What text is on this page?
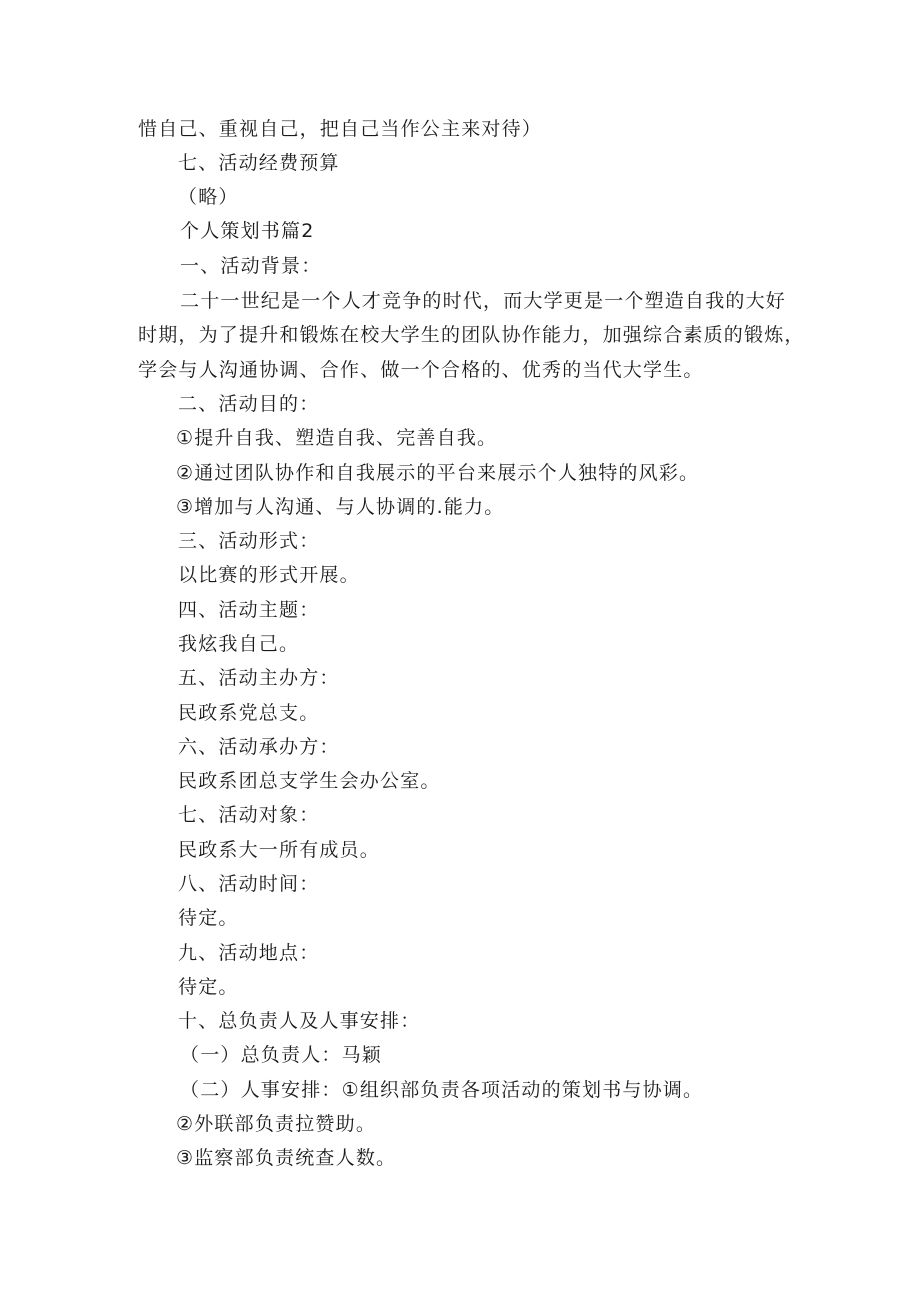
惜自己、重视自己，把自己当作公主来对待）
七、活动经费预算
（略）
个人策划书篇2
一、活动背景：
二十一世纪是一个人才竞争的时代，而大学更是一个塑造自我的大好
时期，为了提升和锻炼在校大学生的团队协作能力，加强综合素质的锻炼，
学会与人沟通协调、合作、做一个合格的、优秀的当代大学生。
二、活动目的：
①提升自我、塑造自我、完善自我。
②通过团队协作和自我展示的平台来展示个人独特的风彩。
③增加与人沟通、与人协调的.能力。
三、活动形式：
以比赛的形式开展。
四、活动主题：
我炫我自己。
五、活动主办方：
民政系党总支。
六、活动承办方：
民政系团总支学生会办公室。
七、活动对象：
民政系大一所有成员。
八、活动时间：
待定。
九、活动地点：
待定。
十、总负责人及人事安排：
（一）总负责人：马颖
（二）人事安排：①组织部负责各项活动的策划书与协调。
②外联部负责拉赞助。
③监察部负责统查人数。
